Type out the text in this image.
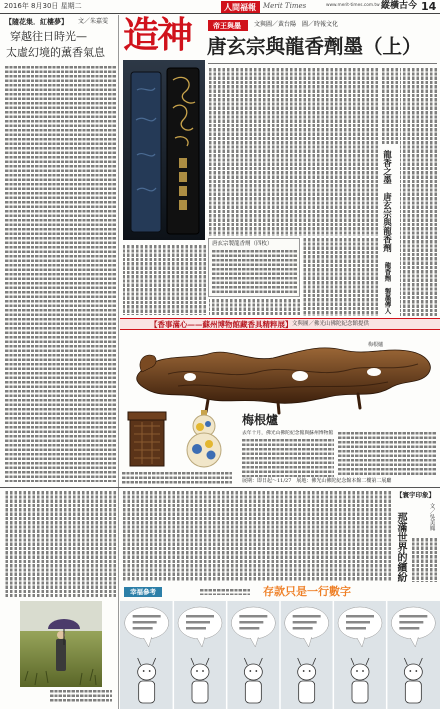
2016年 8月30日 星期二	人間福報 Merit Times	www.merit-times.com.tw 縱橫古今 14
【隨花集．紅樓夢】 文／朱嘉雯
穿越往日時光—
太虛幻境的薰香氣息 造神	帝王與墨 文與圖／黃台陽　圖／時報文化
唐玄宗與龍香劑墨（上）
唐玄宗製龍香劑（四枚）	龍香之墨　唐玄宗與龍香劑
龍香劑　製墨傳人
【香事滿心——蘇州博物館藏香具精粹展】 文與圖／佛光山佛陀紀念館提供
梅根爐
梅根爐
去年十月，佛光山佛陀紀念館與蘇州博物館
展期：即日起～11/27　展地：佛光山佛陀紀念館本館二樓第二展廳
【寰宇印象】
文／吳美鳳
那滿世界的繽紛
幸福參考	存款只是一行數字
